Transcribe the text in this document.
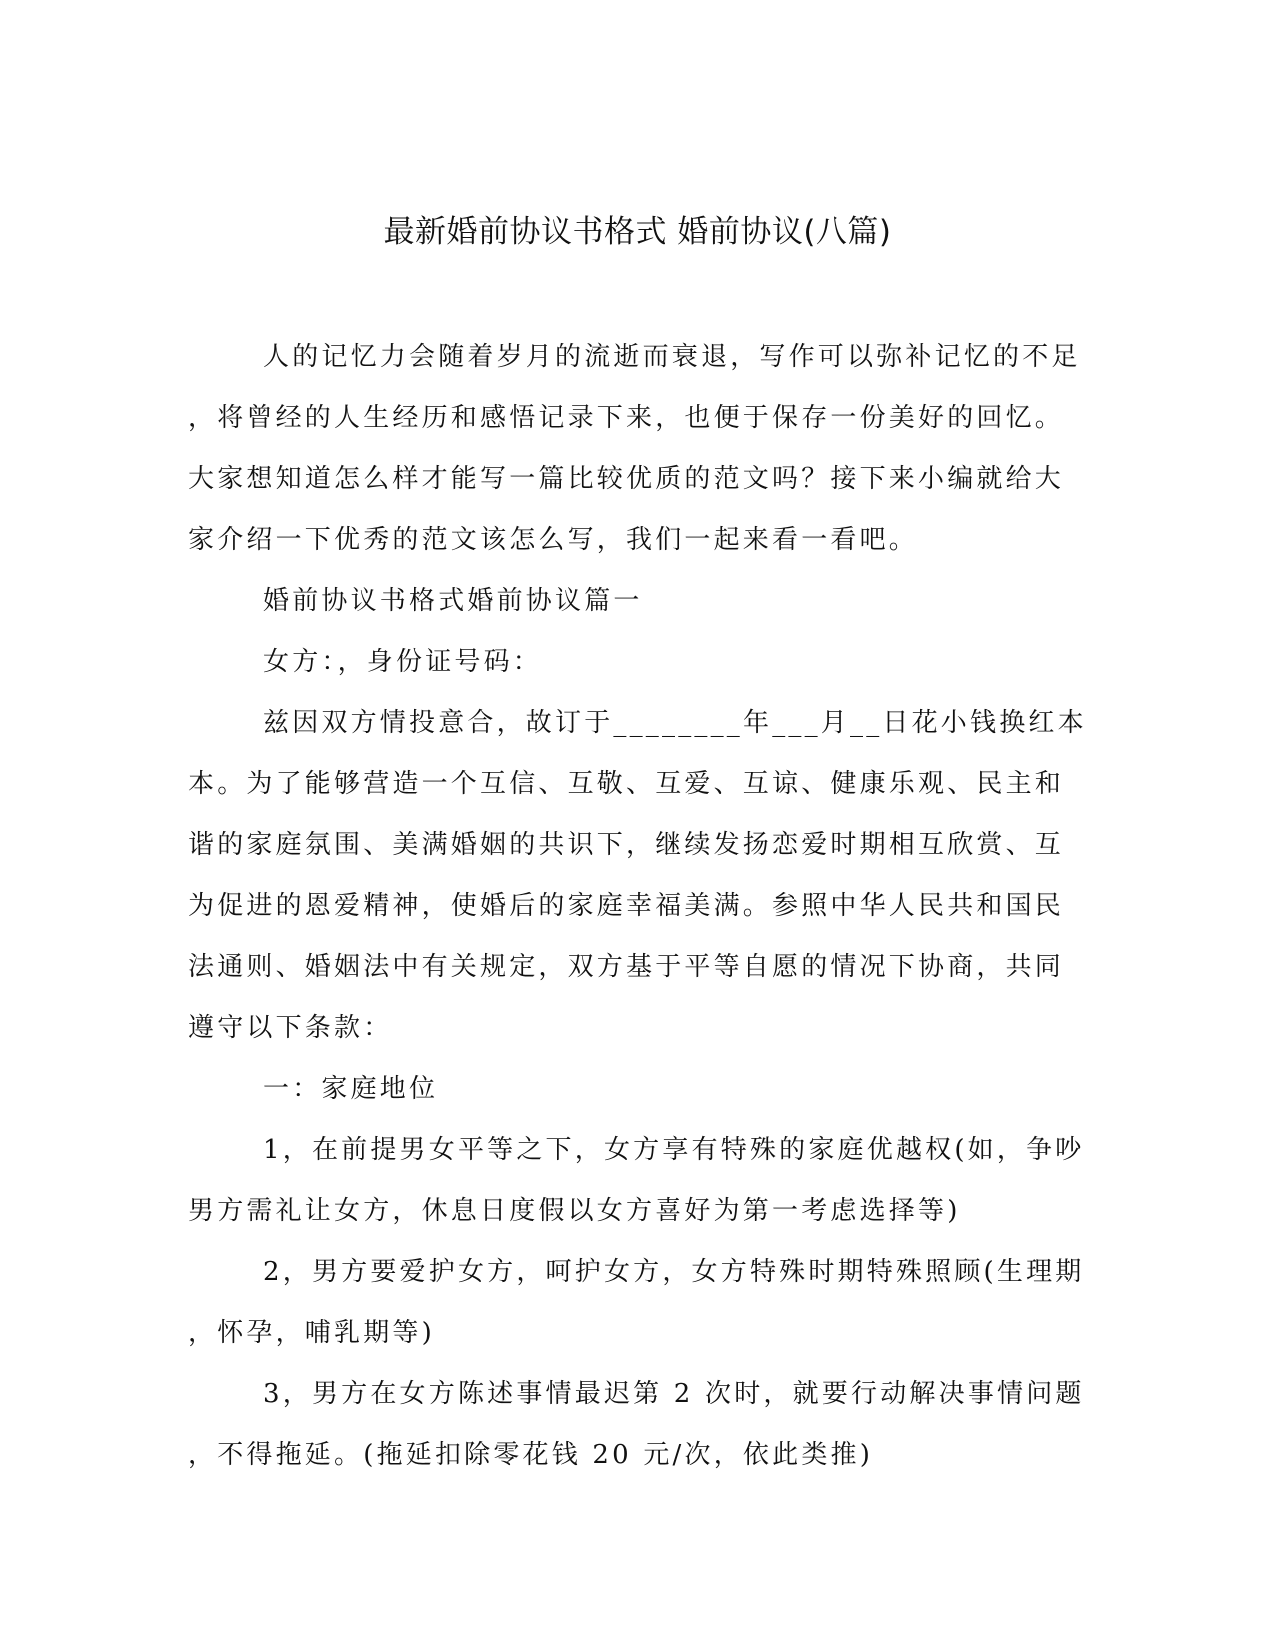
最新婚前协议书格式 婚前协议(八篇)
人的记忆力会随着岁月的流逝而衰退，写作可以弥补记忆的不足
，将曾经的人生经历和感悟记录下来，也便于保存一份美好的回忆。
大家想知道怎么样才能写一篇比较优质的范文吗？接下来小编就给大
家介绍一下优秀的范文该怎么写，我们一起来看一看吧。
婚前协议书格式婚前协议篇一
女方：，身份证号码：
兹因双方情投意合，故订于________年___月__日花小钱换红本
本。为了能够营造一个互信、互敬、互爱、互谅、健康乐观、民主和
谐的家庭氛围、美满婚姻的共识下，继续发扬恋爱时期相互欣赏、互
为促进的恩爱精神，使婚后的家庭幸福美满。参照中华人民共和国民
法通则、婚姻法中有关规定，双方基于平等自愿的情况下协商，共同
遵守以下条款：
一：家庭地位
1，在前提男女平等之下，女方享有特殊的家庭优越权(如，争吵
男方需礼让女方，休息日度假以女方喜好为第一考虑选择等)
2，男方要爱护女方，呵护女方，女方特殊时期特殊照顾(生理期
，怀孕，哺乳期等)
3，男方在女方陈述事情最迟第 2 次时，就要行动解决事情问题
，不得拖延。(拖延扣除零花钱 20 元/次，依此类推)
